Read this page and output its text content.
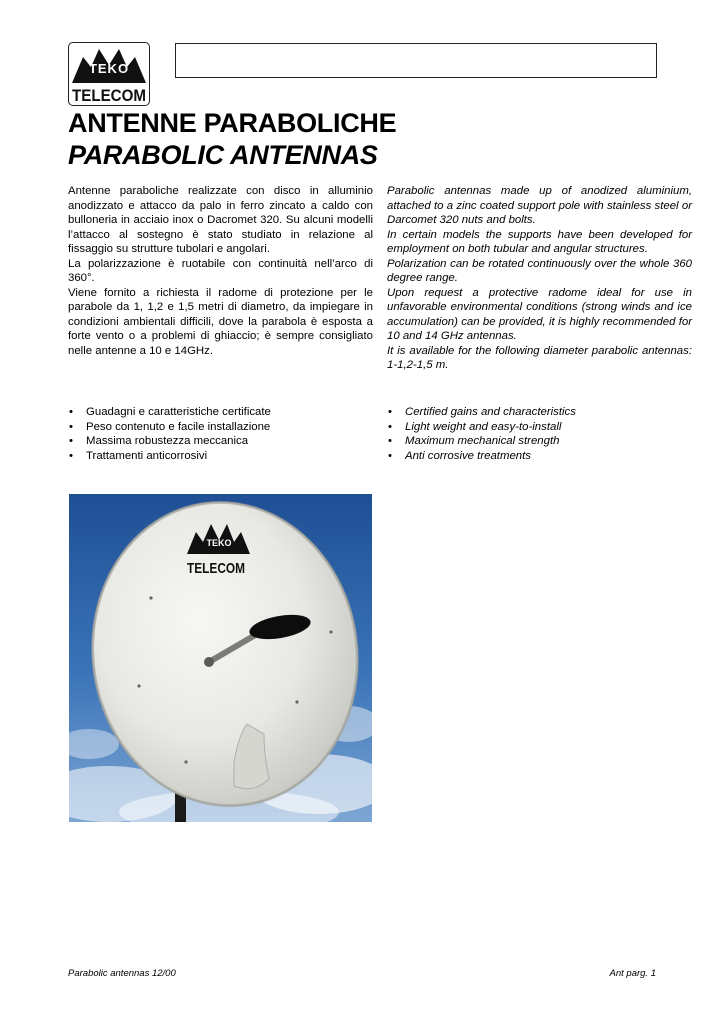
TEKO
TELECOM
ANTENNE PARABOLICHE
PARABOLIC ANTENNAS

Antenne paraboliche realizzate con disco in alluminio anodizzato e attacco da palo in ferro zincato a caldo con bulloneria in acciaio inox o Dacromet 320. Su alcuni modelli l’attacco al sostegno è stato studiato in relazione al fissaggio su strutture tubolari e angolari.

La polarizzazione è ruotabile con continuità nell’arco di 360°.

Viene fornito a richiesta il radome di protezione per le parabole da 1, 1,2 e 1,5 metri di diametro, da impiegare in condizioni ambientali difficili, dove la parabola è esposta a forte vento o a problemi di ghiaccio; è sempre consigliato nelle antenne a 10 e 14GHz.

Parabolic antennas made up of anodized aluminium, attached to a zinc coated support pole with stainless steel or Darcomet 320 nuts and bolts.

In certain models the supports have been developed for employment on both tubular and angular structures.

Polarization can be rotated continuously over the whole 360 degree range.

Upon request a protective radome ideal for use in unfavorable environmental conditions (strong winds and ice accumulation) can be provided, it is highly recommended for 10 and 14 GHz antennas.

It is available for the following diameter parabolic antennas: 1-1,2-1,5 m.

• Guadagni e caratteristiche certificate
• Peso contenuto e facile installazione
• Massima robustezza meccanica
• Trattamenti anticorrosivi
• Certified gains and characteristics
• Light weight and easy-to-install
• Maximum mechanical strength
• Anti corrosive treatments
TEKO
TELECOM
Parabolic antennas 12/00	Ant parg. 1
